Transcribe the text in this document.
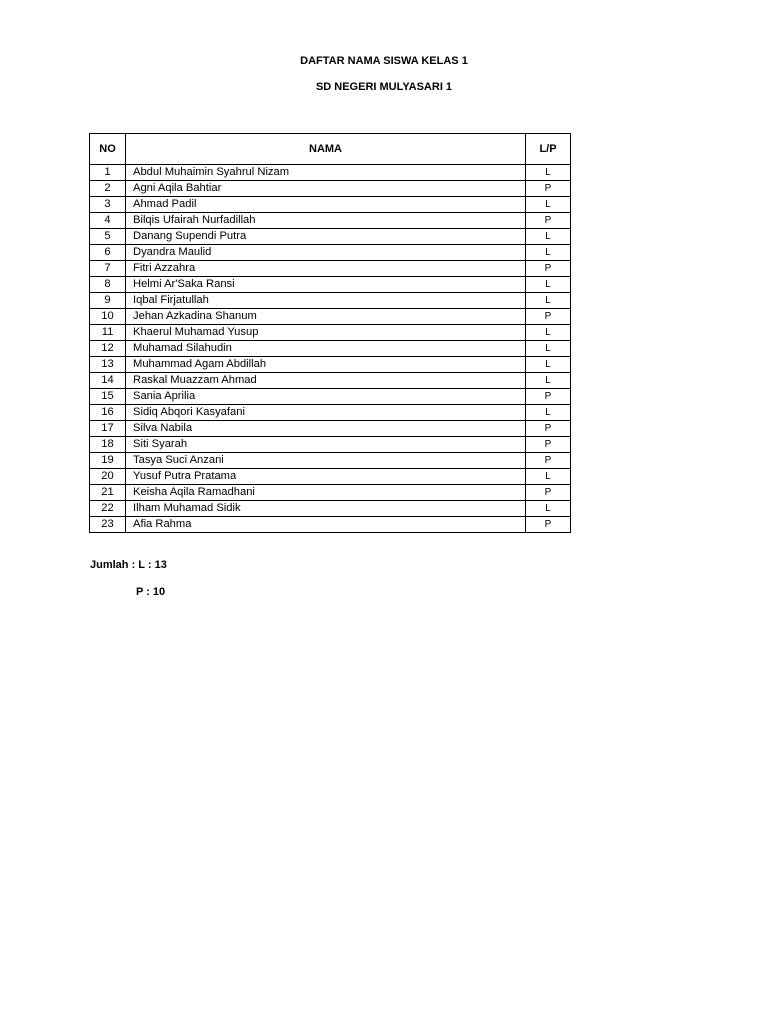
DAFTAR NAMA SISWA KELAS 1
SD NEGERI MULYASARI 1
NO	NAMA	L/P
1	Abdul Muhaimin Syahrul Nizam	L
2	Agni Aqila Bahtiar	P
3	Ahmad Padil	L
4	Bilqis Ufairah Nurfadillah	P
5	Danang Supendi Putra	L
6	Dyandra Maulid	L
7	Fitri Azzahra	P
8	Helmi Ar'Saka Ransi	L
9	Iqbal Firjatullah	L
10	Jehan Azkadina Shanum	P
11	Khaerul Muhamad Yusup	L
12	Muhamad Silahudin	L
13	Muhammad Agam Abdillah	L
14	Raskal Muazzam Ahmad	L
15	Sania Aprilia	P
16	Sidiq Abqori Kasyafani	L
17	Silva Nabila	P
18	Siti Syarah	P
19	Tasya Suci Anzani	P
20	Yusuf Putra Pratama	L
21	Keisha Aqila Ramadhani	P
22	Ilham Muhamad Sidik	L
23	Afia Rahma	P
Jumlah : L : 13
P : 10
